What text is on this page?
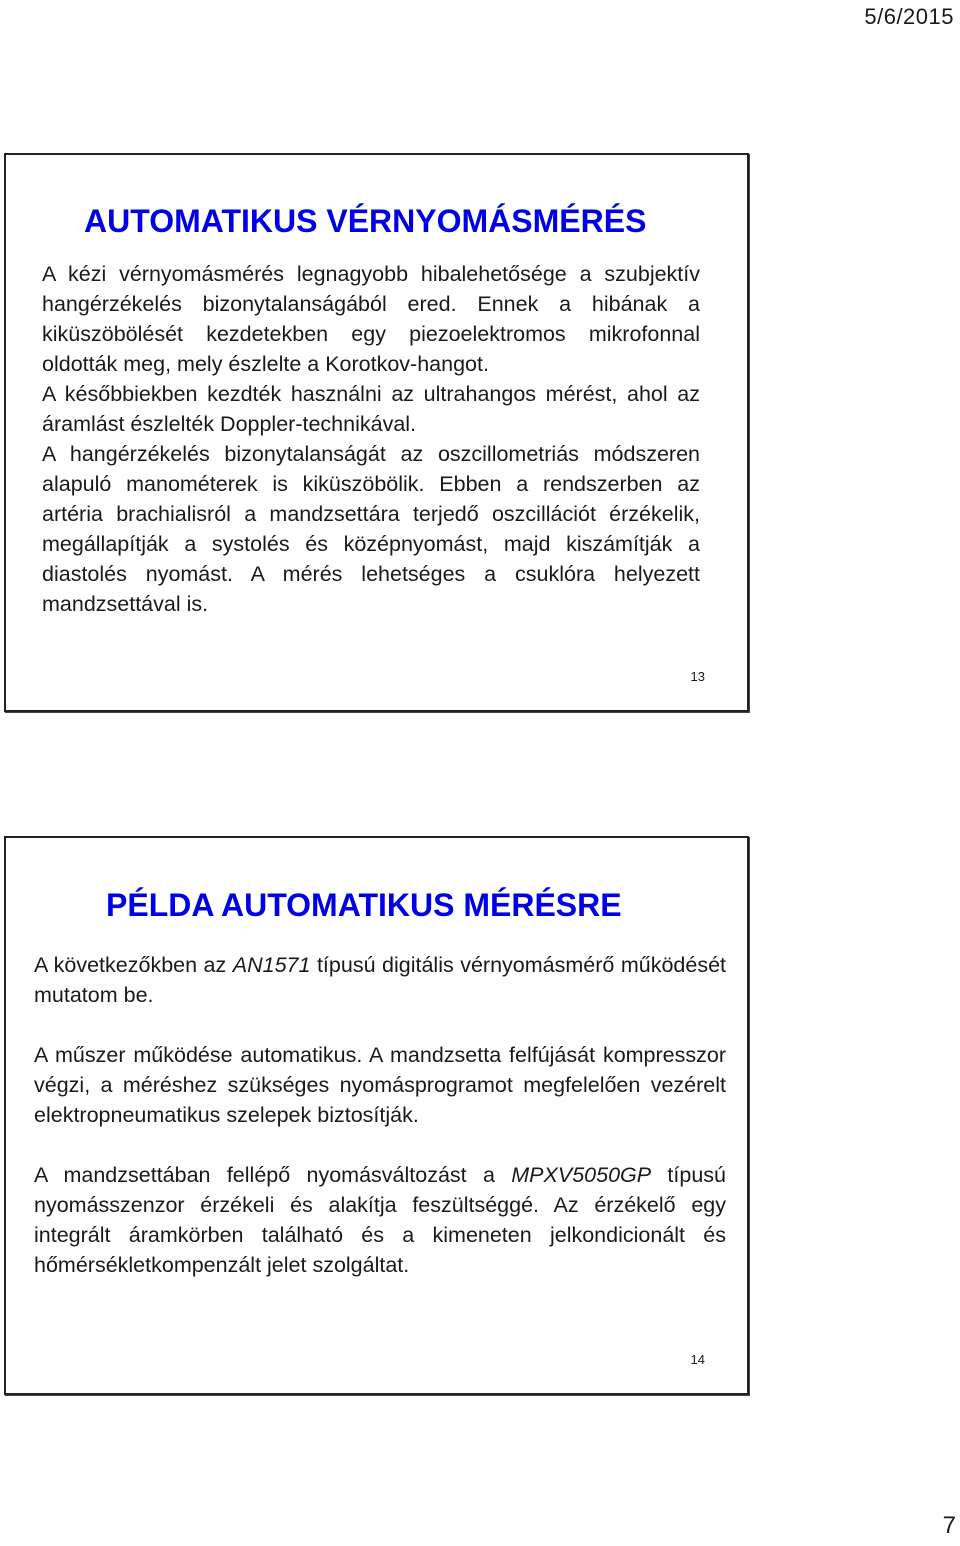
5/6/2015
AUTOMATIKUS VÉRNYOMÁSMÉRÉS

A kézi vérnyomásmérés legnagyobb hibalehetősége a szubjektív hangérzékelés bizonytalanságából ered. Ennek a hibának a kiküszöbölését kezdetekben egy piezoelektromos mikrofonnal oldották meg, mely észlelte a Korotkov-hangot.

A későbbiekben kezdték használni az ultrahangos mérést, ahol az áramlást észlelték Doppler-technikával.

A hangérzékelés bizonytalanságát az oszcillometriás módszeren alapuló manométerek is kiküszöbölik. Ebben a rendszerben az artéria brachialisról a mandzsettára terjedő oszcillációt érzékelik, megállapítják a systolés és középnyomást, majd kiszámítják a diastolés nyomást. A mérés lehetséges a csuklóra helyezett mandzsettával is.

13
PÉLDA AUTOMATIKUS MÉRÉSRE

A következőkben az AN1571 típusú digitális vérnyomásmérő működését mutatom be.

A műszer működése automatikus. A mandzsetta felfújását kompresszor végzi, a méréshez szükséges nyomásprogramot megfelelően vezérelt elektropneumatikus szelepek biztosítják.

A mandzsettában fellépő nyomásváltozást a MPXV5050GP típusú nyomásszenzor érzékeli és alakítja feszültséggé. Az érzékelő egy integrált áramkörben található és a kimeneten jelkondicionált és hőmérsékletkompenzált jelet szolgáltat.

14
7
